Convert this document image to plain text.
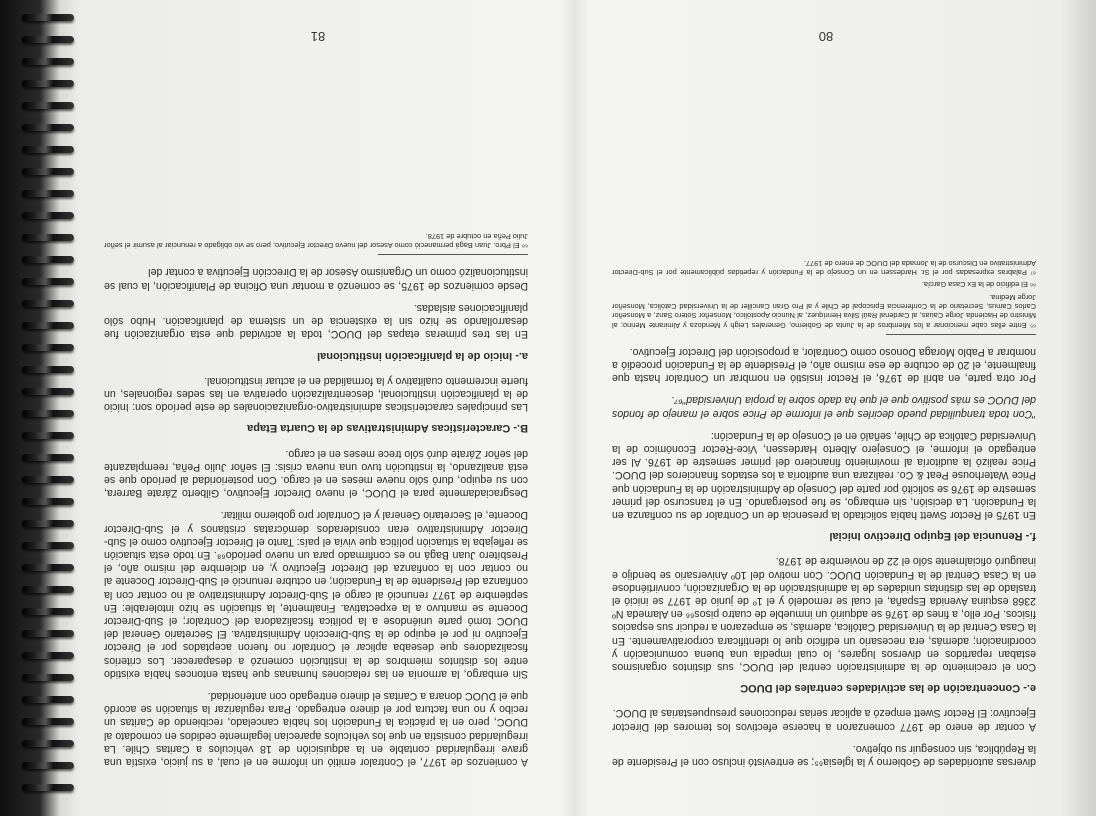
diversas autoridades de Gobierno y la Iglesia⁶⁵; se entrevistó incluso con el Presidente de la República, sin conseguir su objetivo.

A contar de enero de 1977 comenzaron a hacerse efectivos los temores del Director Ejecutivo: El Rector Swett empezó a aplicar serias reducciones presupuestarias al DUOC.

e.- Concentración de las actividades centrales del DUOC

Con el crecimiento de la administración central del DUOC, sus distintos organismos estaban repartidos en diversos lugares, lo cual impedía una buena comunicación y coordinación; además, era necesario un edificio que lo identificara corporativamente. En la Casa Central de la Universidad Católica, además, se empezaron a reducir sus espacios físicos. Por ello, a fines de 1976 se adquirió un inmueble de cuatro pisos⁶⁶ en Alameda Nº 2368 esquina Avenida España, el cual se remodeló y el 1º de junio de 1977 se inició el traslado de las distintas unidades de la administración de la Organización, convirtiéndose en la Casa Central de la Fundación DUOC. Con motivo del 10º Aniversario se bendijo e inauguró oficialmente sólo el 22 de noviembre de 1978.

f.- Renuncia del Equipo Directivo Inicial

En 1975 el Rector Swett había solicitado la presencia de un Contralor de su confianza en la Fundación. La decisión, sin embargo, se fue postergando. En el transcurso del primer semestre de 1976 se solicitó por parte del Consejo de Administración de la Fundación que Price Waterhouse Peat & Co. realizara una auditoría a los estados financieros del DUOC. Price realizó la auditoría al movimiento financiero del primer semestre de 1976. Al ser entregado el informe, el Consejero Alberto Hardessen, Vice-Rector Económico de la Universidad Católica de Chile, señaló en el Consejo de la Fundación:

"Con toda tranquilidad puedo decirles que el informe de Price sobre el manejo de fondos del DUOC es más positivo que el que ha dado sobre la propia Universidad"⁶⁷.

Por otra parte, en abril de 1976, el Rector insistió en nombrar un Contralor hasta que finalmente, el 20 de octubre de ese mismo año, el Presidente de la Fundación procedió a nombrar a Pablo Moraga Donoso como Contralor, a proposición del Director Ejecutivo.

⁶⁵ Entre ellas cabe mencionar a los Miembros de la Junta de Gobierno, Generales Leigh y Mendoza y Almirante Merino; al Ministro de Hacienda Jorge Cauas, al Cardenal Raúl Silva Henríquez, al Nuncio Apostólico, Monseñor Sotero Sanz, a Monseñor Carlos Camus, Secretario de la Conferencia Episcopal de Chile y al Pro Gran Canciller de la Universidad Católica, Monseñor Jorge Medina.

⁶⁶ El edificio de la Ex Casa García.

⁶⁷ Palabras expresadas por el Sr. Hardessen en un Consejo de la Fundación y repetidas públicamente por el Sub-Director Administrativo en Discurso de la Jornada del DUOC de enero de 1977.

80

A comienzos de 1977, el Contralor emitió un informe en el cual, a su juicio, existía una grave irregularidad contable en la adquisición de 18 vehículos a Caritas Chile. La irregularidad consistía en que los vehículos aparecían legalmente cedidos en comodato al DUOC, pero en la práctica la Fundación los había cancelado, recibiendo de Caritas un recibo y no una factura por el dinero entregado. Para regularizar la situación se acordó que el DUOC donara a Caritas el dinero entregado con anterioridad.

Sin embargo, la armonía en las relaciones humanas que hasta entonces había existido entre los distintos miembros de la institución comenzó a desaparecer. Los criterios fiscalizadores que deseaba aplicar el Contralor no fueron aceptados por el Director Ejecutivo ni por el equipo de la Sub-Dirección Administrativa. El Secretario General del DUOC tomó parte uniéndose a la política fiscalizadora del Contralor; el Sub-Director Docente se mantuvo a la expectativa. Finalmente, la situación se hizo intolerable: En septiembre de 1977 renunció al cargo el Sub-Director Administrativo al no contar con la confianza del Presidente de la Fundación; en octubre renunció el Sub-Director Docente al no contar con la confianza del Director Ejecutivo y, en diciembre del mismo año, el Presbítero Juan Bagá no es confirmado para un nuevo período⁶⁸. En todo esta situación se reflejaba la situación política que vivía el país: Tanto el Director Ejecutivo como el Sub-Director Administrativo eran considerados demócratas cristianos y el Sub-Director Docente, el Secretario General y el Contralor pro gobierno militar.

Desgraciadamente para el DUOC, el nuevo Director Ejecutivo, Gilberto Zárate Barrera, con su equipo, duró sólo nueve meses en el cargo. Con posterioridad al período que se está analizando, la institución tuvo una nueva crisis: El señor Julio Peña, reemplazante del señor Zárate duró sólo trece meses en el cargo.

B.- Características Administrativas de la Cuarta Etapa

Las principales características administrativo-organizacionales de este período son: Inicio de la planificación institucional, descentralización operativa en las sedes regionales, un fuerte incremento cualitativo y la formalidad en el actuar institucional.

a.- Inicio de la planificación institucional

En las tres primeras etapas del DUOC, toda la actividad que esta organización fue desarrollando se hizo sin la existencia de un sistema de planificación. Hubo sólo planificaciones aisladas.

Desde comienzos de 1975, se comenzó a montar una Oficina de Planificación, la cual se institucionalizó como un Organismo Asesor de la Dirección Ejecutiva a contar del

⁶⁸ El Pbro. Juan Bagá permaneció como Asesor del nuevo Director Ejecutivo, pero se vio obligado a renunciar al asumir el señor Julio Peña en octubre de 1978.

81
